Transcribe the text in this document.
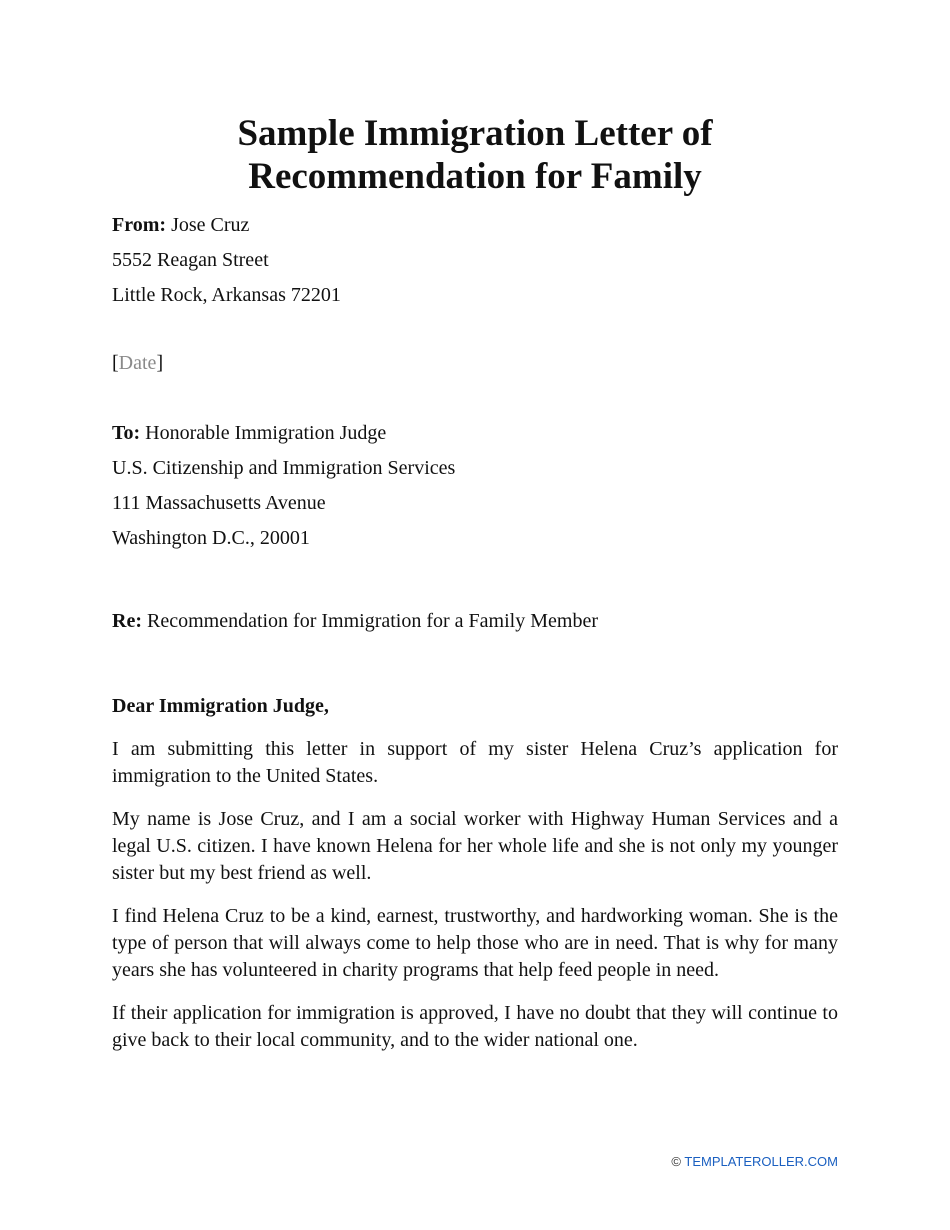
Sample Immigration Letter of
Recommendation for Family
From: Jose Cruz
5552 Reagan Street
Little Rock, Arkansas 72201
[Date]
To: Honorable Immigration Judge
U.S. Citizenship and Immigration Services
111 Massachusetts Avenue
Washington D.C., 20001
Re: Recommendation for Immigration for a Family Member
Dear Immigration Judge,

I am submitting this letter in support of my sister Helena Cruz’s application for immigration to the United States.

My name is Jose Cruz, and I am a social worker with Highway Human Services and a legal U.S. citizen. I have known Helena for her whole life and she is not only my younger sister but my best friend as well.

I find Helena Cruz to be a kind, earnest, trustworthy, and hardworking woman. She is the type of person that will always come to help those who are in need. That is why for many years she has volunteered in charity programs that help feed people in need.

If their application for immigration is approved, I have no doubt that they will continue to give back to their local community, and to the wider national one.

© TEMPLATEROLLER.COM
